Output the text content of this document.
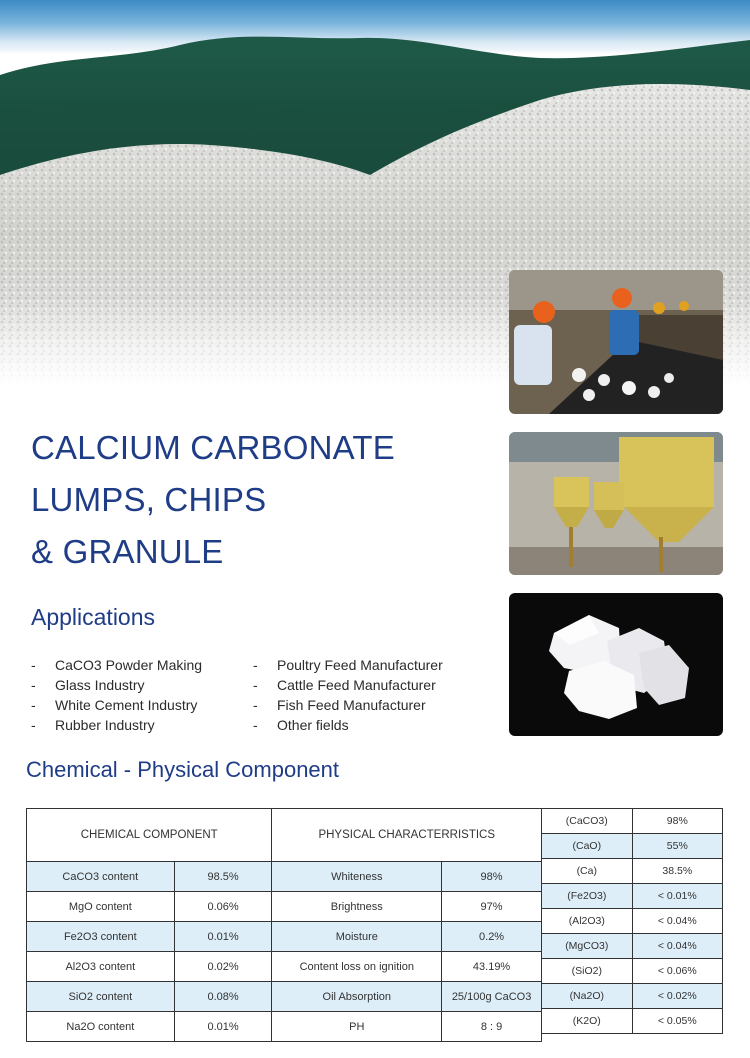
CALCIUM CARBONATE
LUMPS, CHIPS
& GRANULE
Applications
- CaCO3 Powder Making
- Glass Industry
- White Cement Industry
- Rubber Industry
- Poultry Feed Manufacturer
- Cattle Feed Manufacturer
- Fish Feed Manufacturer
- Other fields
Chemical - Physical Component
CHEMICAL COMPONENT		PHYSICAL CHARACTERRISTICS	
CaCO3 content	98.5%	Whiteness	98%
MgO content	0.06%	Brightness	97%
Fe2O3 content	0.01%	Moisture	0.2%
Al2O3 content	0.02%	Content loss on ignition	43.19%
SiO2 content	0.08%	Oil Absorption	25/100g CaCO3
Na2O content	0.01%	PH	8 : 9
(CaCO3)	98%
(CaO)	55%
(Ca)	38.5%
(Fe2O3)	< 0.01%
(Al2O3)	< 0.04%
(MgCO3)	< 0.04%
(SiO2)	< 0.06%
(Na2O)	< 0.02%
(K2O)	< 0.05%
